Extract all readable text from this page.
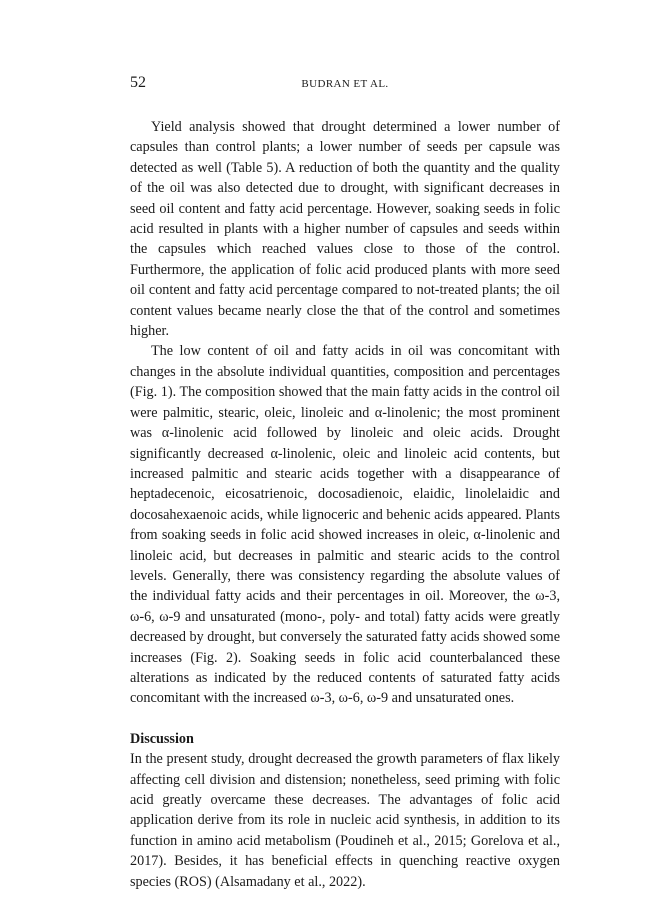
52	BUDRAN ET AL.

Yield analysis showed that drought determined a lower number of capsules than control plants; a lower number of seeds per capsule was detected as well (Table 5). A reduction of both the quantity and the quality of the oil was also detected due to drought, with significant decreases in seed oil content and fatty acid percentage. However, soaking seeds in folic acid resulted in plants with a higher number of capsules and seeds within the capsules which reached values close to those of the control. Furthermore, the application of folic acid produced plants with more seed oil content and fatty acid percentage compared to not-treated plants; the oil content values became nearly close the that of the control and sometimes higher.

The low content of oil and fatty acids in oil was concomitant with changes in the absolute individual quantities, composition and percentages (Fig. 1). The composition showed that the main fatty acids in the control oil were palmitic, stearic, oleic, linoleic and α-linolenic; the most prominent was α-linolenic acid followed by linoleic and oleic acids. Drought significantly decreased α-linolenic, oleic and linoleic acid contents, but increased palmitic and stearic acids together with a disappearance of heptadecenoic, eicosatrienoic, docosadienoic, elaidic, linolelaidic and docosahexaenoic acids, while lignoceric and behenic acids appeared. Plants from soaking seeds in folic acid showed increases in oleic, α-linolenic and linoleic acid, but decreases in palmitic and stearic acids to the control levels. Generally, there was consistency regarding the absolute values of the individual fatty acids and their percentages in oil. Moreover, the ω-3, ω-6, ω-9 and unsaturated (mono-, poly- and total) fatty acids were greatly decreased by drought, but conversely the saturated fatty acids showed some increases (Fig. 2). Soaking seeds in folic acid counterbalanced these alterations as indicated by the reduced contents of saturated fatty acids concomitant with the increased ω-3, ω-6, ω-9 and unsaturated ones.

Discussion

In the present study, drought decreased the growth parameters of flax likely affecting cell division and distension; nonetheless, seed priming with folic acid greatly overcame these decreases. The advantages of folic acid application derive from its role in nucleic acid synthesis, in addition to its function in amino acid metabolism (Poudineh et al., 2015; Gorelova et al., 2017). Besides, it has beneficial effects in quenching reactive oxygen species (ROS) (Alsamadany et al., 2022).
